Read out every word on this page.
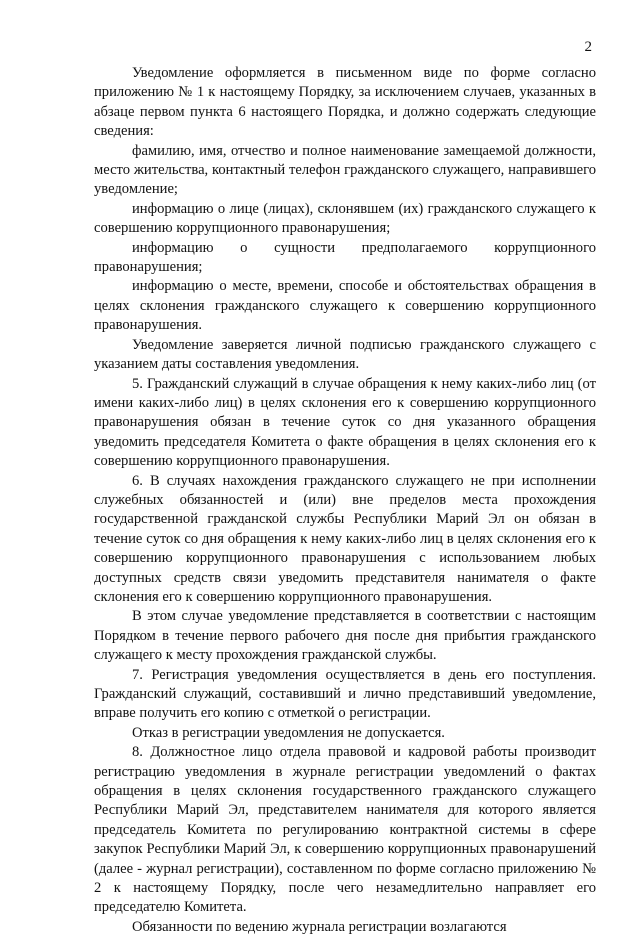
2

Уведомление оформляется в письменном виде по форме согласно приложению № 1 к настоящему Порядку, за исключением случаев, указанных в абзаце первом пункта 6 настоящего Порядка, и должно содержать следующие сведения:

фамилию, имя, отчество и полное наименование замещаемой должности, место жительства, контактный телефон гражданского служащего, направившего уведомление;

информацию о лице (лицах), склонявшем (их) гражданского служащего к совершению коррупционного правонарушения;

информацию о сущности предполагаемого коррупционного правонарушения;

информацию о месте, времени, способе и обстоятельствах обращения в целях склонения гражданского служащего к совершению коррупционного правонарушения.

Уведомление заверяется личной подписью гражданского служащего с указанием даты составления уведомления.

5. Гражданский служащий в случае обращения к нему каких-либо лиц (от имени каких-либо лиц) в целях склонения его к совершению коррупционного правонарушения обязан в течение суток со дня указанного обращения уведомить председателя Комитета о факте обращения в целях склонения его к совершению коррупционного правонарушения.

6. В случаях нахождения гражданского служащего не при исполнении служебных обязанностей и (или) вне пределов места прохождения государственной гражданской службы Республики Марий Эл он обязан в течение суток со дня обращения к нему каких-либо лиц в целях склонения его к совершению коррупционного правонарушения с использованием любых доступных средств связи уведомить представителя нанимателя о факте склонения его к совершению коррупционного правонарушения.

В этом случае уведомление представляется в соответствии с настоящим Порядком в течение первого рабочего дня после дня прибытия гражданского служащего к месту прохождения гражданской службы.

7. Регистрация уведомления осуществляется в день его поступления. Гражданский служащий, составивший и лично представивший уведомление, вправе получить его копию с отметкой о регистрации.

Отказ в регистрации уведомления не допускается.

8. Должностное лицо отдела правовой и кадровой работы производит регистрацию уведомления в журнале регистрации уведомлений о фактах обращения в целях склонения государственного гражданского служащего Республики Марий Эл, представителем нанимателя для которого является председатель Комитета по регулированию контрактной системы в сфере закупок Республики Марий Эл, к совершению коррупционных правонарушений (далее - журнал регистрации), составленном по форме согласно приложению № 2 к настоящему Порядку, после чего незамедлительно направляет его председателю Комитета.

Обязанности по ведению журнала регистрации возлагаются
